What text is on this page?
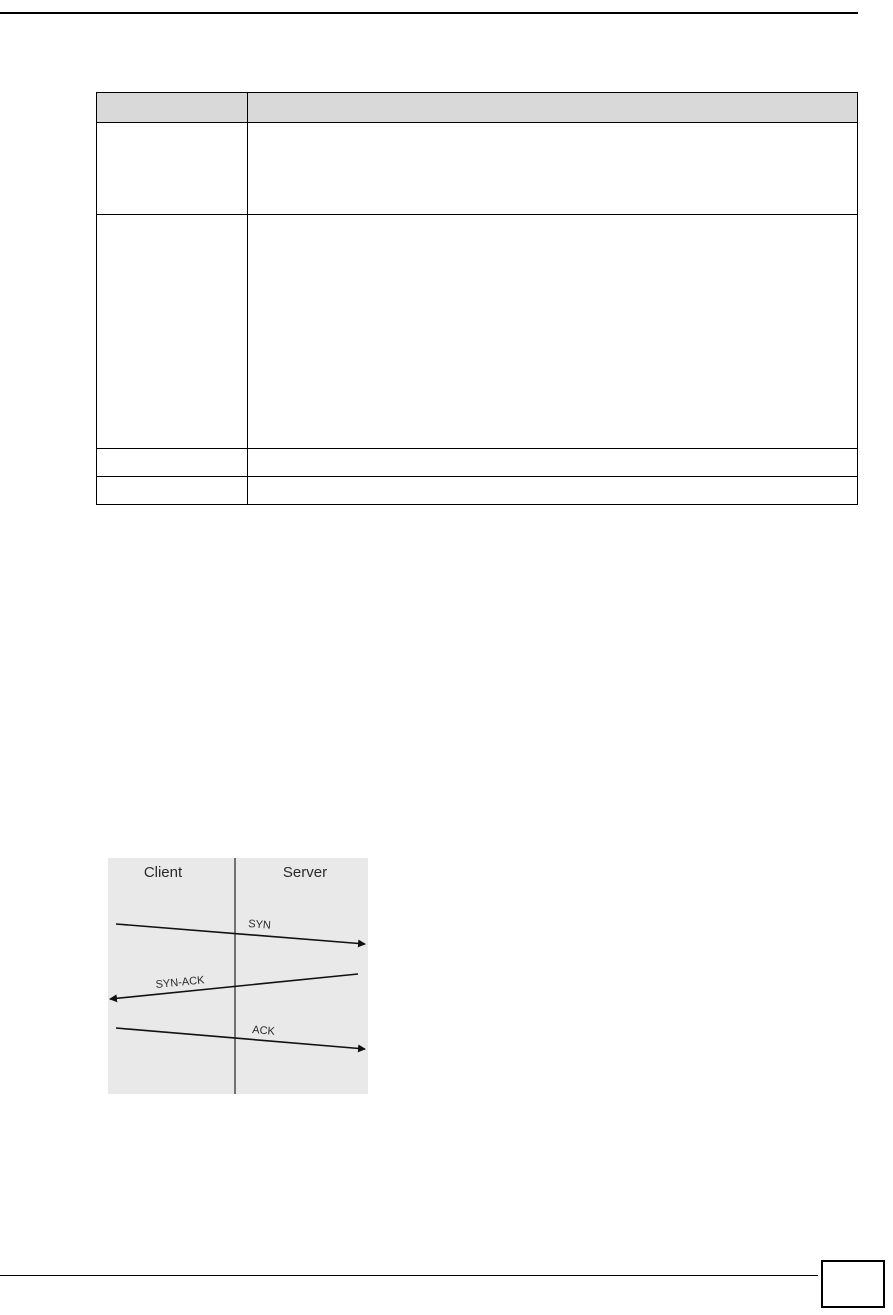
Client	Server
SYN
SYN-ACK
ACK
